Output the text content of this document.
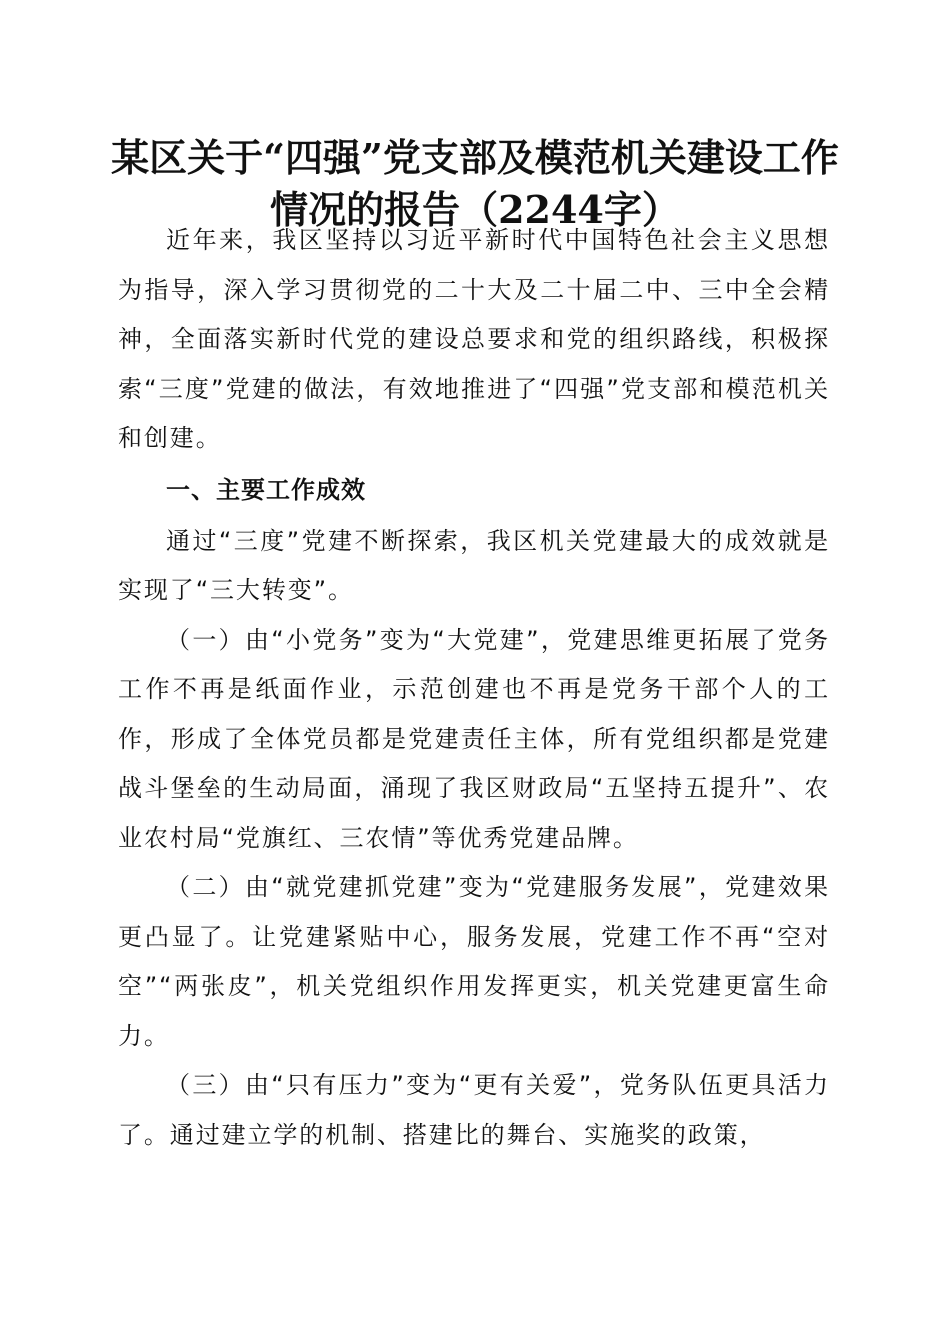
某区关于“四强”党支部及模范机关建设工作
情况的报告（2244字）

近年来，我区坚持以习近平新时代中国特色社会主义思想为指导，深入学习贯彻党的二十大及二十届二中、三中全会精神，全面落实新时代党的建设总要求和党的组织路线，积极探索“三度”党建的做法，有效地推进了“四强”党支部和模范机关和创建。

一、主要工作成效

通过“三度”党建不断探索，我区机关党建最大的成效就是实现了“三大转变”。

（一）由“小党务”变为“大党建”，党建思维更拓展了党务工作不再是纸面作业，示范创建也不再是党务干部个人的工作，形成了全体党员都是党建责任主体，所有党组织都是党建战斗堡垒的生动局面，涌现了我区财政局“五坚持五提升”、农业农村局“党旗红、三农情”等优秀党建品牌。

（二）由“就党建抓党建”变为“党建服务发展”，党建效果更凸显了。让党建紧贴中心，服务发展，党建工作不再“空对空”“两张皮”，机关党组织作用发挥更实，机关党建更富生命力。

（三）由“只有压力”变为“更有关爱”，党务队伍更具活力了。通过建立学的机制、搭建比的舞台、实施奖的政策，
